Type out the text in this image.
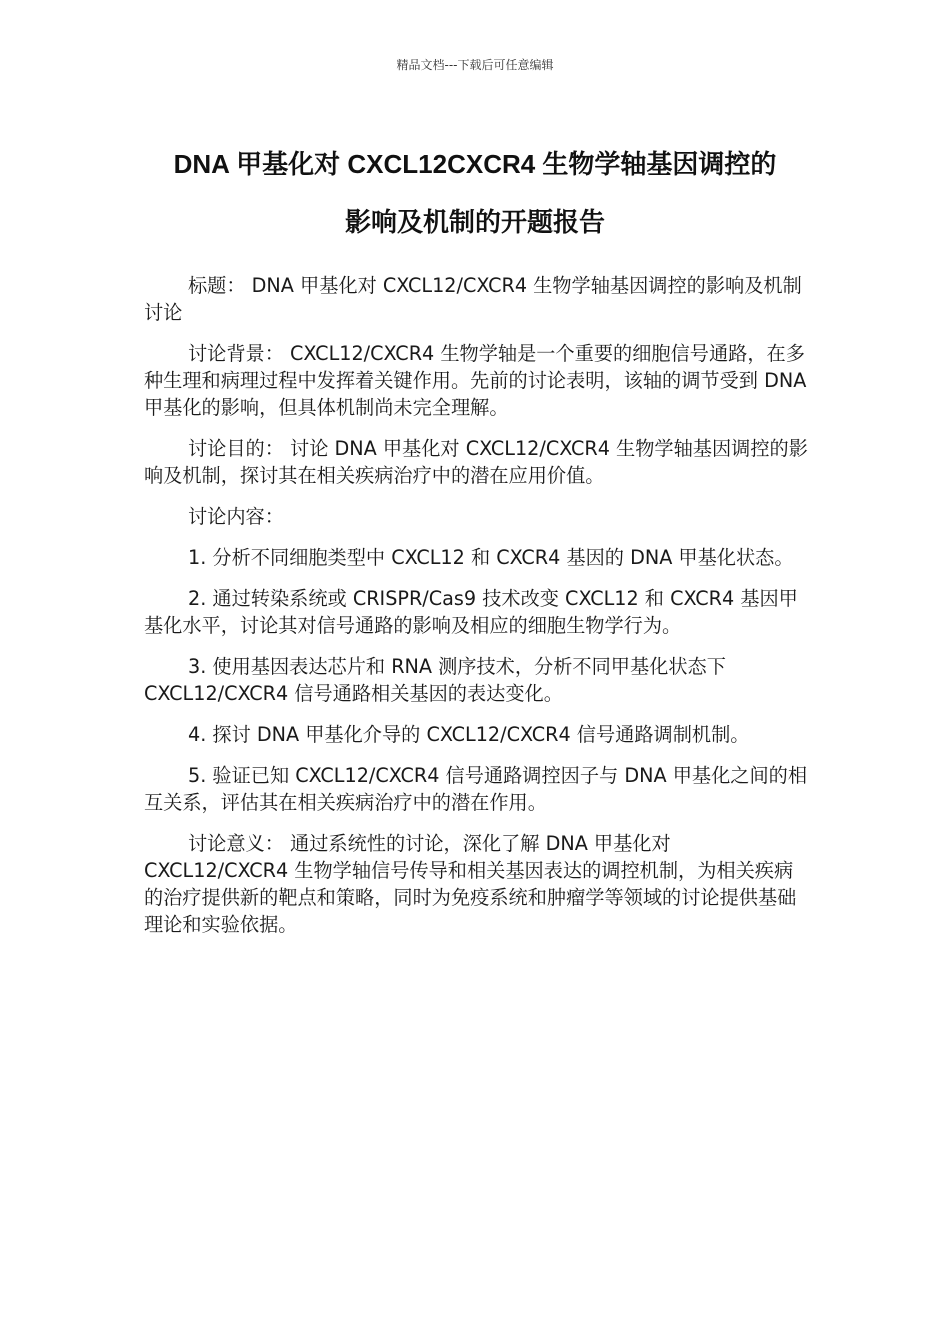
精品文档---下载后可任意编辑
DNA 甲基化对 CXCL12CXCR4 生物学轴基因调控的
影响及机制的开题报告

标题： DNA 甲基化对 CXCL12/CXCR4 生物学轴基因调控的影响及机制讨论

讨论背景： CXCL12/CXCR4 生物学轴是一个重要的细胞信号通路，在多种生理和病理过程中发挥着关键作用。先前的讨论表明，该轴的调节受到 DNA 甲基化的影响，但具体机制尚未完全理解。

讨论目的： 讨论 DNA 甲基化对 CXCL12/CXCR4 生物学轴基因调控的影响及机制，探讨其在相关疾病治疗中的潜在应用价值。

讨论内容：

1. 分析不同细胞类型中 CXCL12 和 CXCR4 基因的 DNA 甲基化状态。

2. 通过转染系统或 CRISPR/Cas9 技术改变 CXCL12 和 CXCR4 基因甲基化水平，讨论其对信号通路的影响及相应的细胞生物学行为。

3. 使用基因表达芯片和 RNA 测序技术，分析不同甲基化状态下 CXCL12/CXCR4 信号通路相关基因的表达变化。

4. 探讨 DNA 甲基化介导的 CXCL12/CXCR4 信号通路调制机制。

5. 验证已知 CXCL12/CXCR4 信号通路调控因子与 DNA 甲基化之间的相互关系，评估其在相关疾病治疗中的潜在作用。

讨论意义： 通过系统性的讨论，深化了解 DNA 甲基化对 CXCL12/CXCR4 生物学轴信号传导和相关基因表达的调控机制，为相关疾病的治疗提供新的靶点和策略，同时为免疫系统和肿瘤学等领域的讨论提供基础理论和实验依据。
